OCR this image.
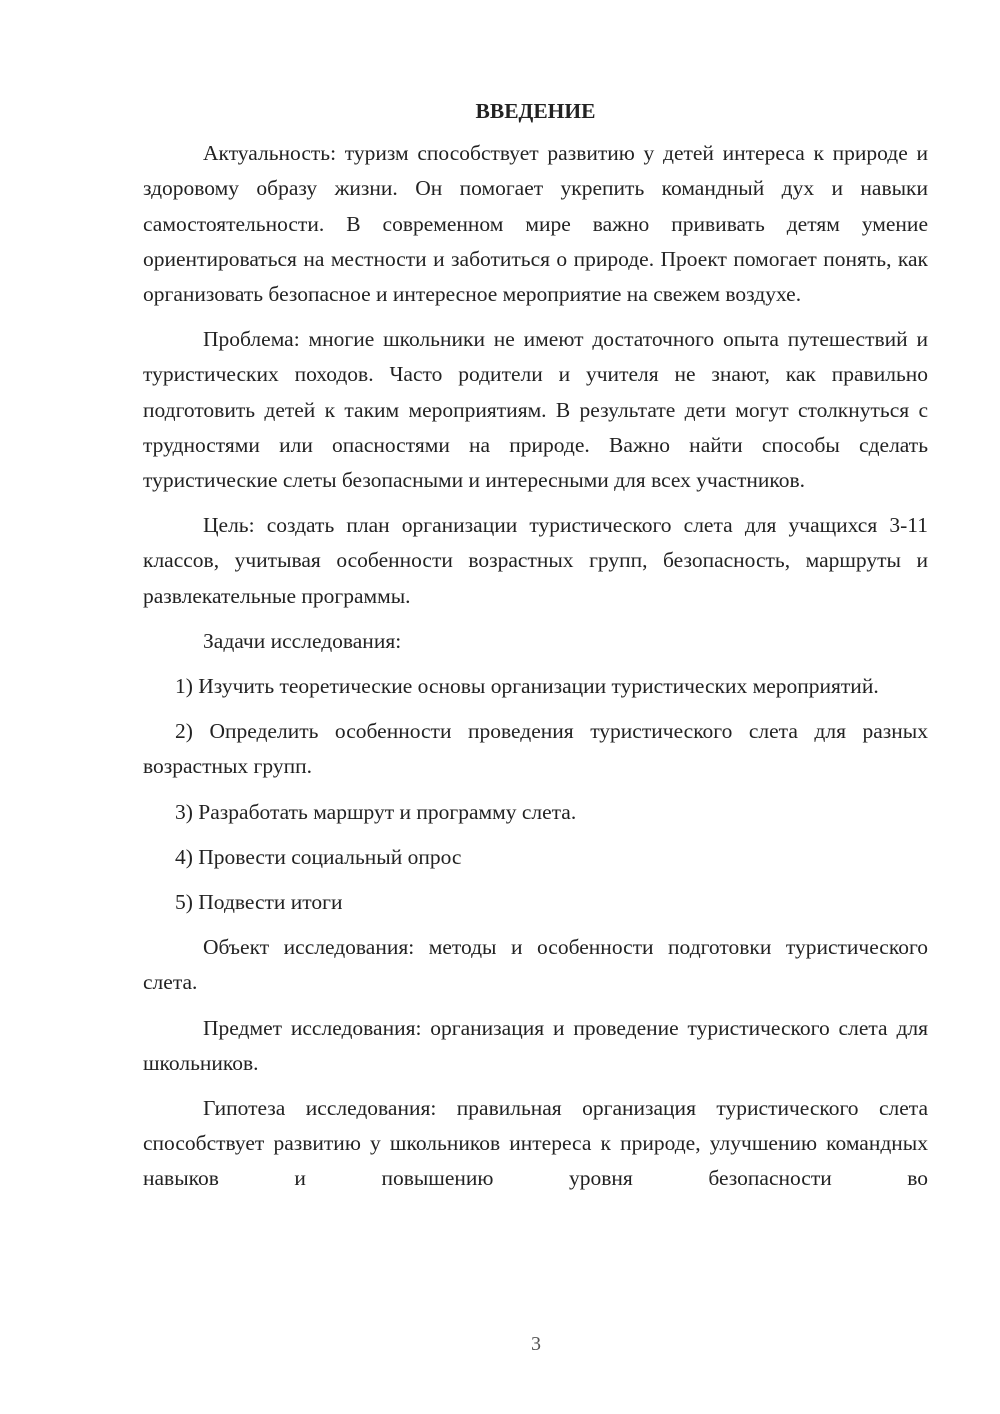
ВВЕДЕНИЕ

Актуальность: туризм способствует развитию у детей интереса к природе и здоровому образу жизни. Он помогает укрепить командный дух и навыки самостоятельности. В современном мире важно прививать детям умение ориентироваться на местности и заботиться о природе. Проект помогает понять, как организовать безопасное и интересное мероприятие на свежем воздухе.

Проблема: многие школьники не имеют достаточного опыта путешествий и туристических походов. Часто родители и учителя не знают, как правильно подготовить детей к таким мероприятиям. В результате дети могут столкнуться с трудностями или опасностями на природе. Важно найти способы сделать туристические слеты безопасными и интересными для всех участников.

Цель: создать план организации туристического слета для учащихся 3-11 классов, учитывая особенности возрастных групп, безопасность, маршруты и развлекательные программы.

Задачи исследования:

1) Изучить теоретические основы организации туристических мероприятий.

2) Определить особенности проведения туристического слета для разных возрастных групп.

3) Разработать маршрут и программу слета.

4) Провести социальный опрос

5) Подвести итоги

Объект исследования: методы и особенности подготовки туристического слета.

Предмет исследования: организация и проведение туристического слета для школьников.

Гипотеза исследования: правильная организация туристического слета способствует развитию у школьников интереса к природе, улучшению командных навыков и повышению уровня безопасности во

3
